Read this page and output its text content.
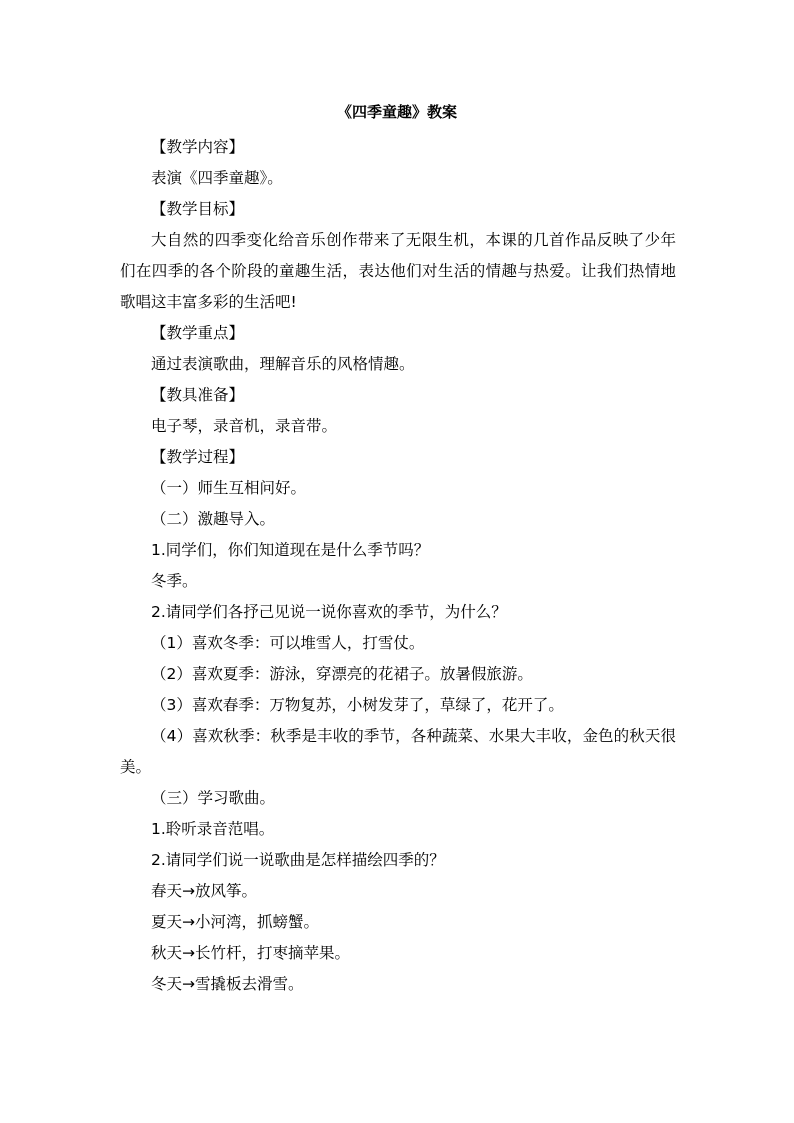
《四季童趣》教案

【教学内容】

表演《四季童趣》。

【教学目标】

大自然的四季变化给音乐创作带来了无限生机，本课的几首作品反映了少年们在四季的各个阶段的童趣生活，表达他们对生活的情趣与热爱。让我们热情地歌唱这丰富多彩的生活吧!

【教学重点】

通过表演歌曲，理解音乐的风格情趣。

【教具准备】

电子琴，录音机，录音带。

【教学过程】

（一）师生互相问好。

（二）激趣导入。

1.同学们，你们知道现在是什么季节吗？

冬季。

2.请同学们各抒己见说一说你喜欢的季节，为什么？

（1）喜欢冬季：可以堆雪人，打雪仗。

（2）喜欢夏季：游泳，穿漂亮的花裙子。放暑假旅游。

（3）喜欢春季：万物复苏，小树发芽了，草绿了，花开了。

（4）喜欢秋季：秋季是丰收的季节，各种蔬菜、水果大丰收，金色的秋天很美。

（三）学习歌曲。

1.聆听录音范唱。

2.请同学们说一说歌曲是怎样描绘四季的？

春天→放风筝。

夏天→小河湾，抓螃蟹。

秋天→长竹杆，打枣摘苹果。

冬天→雪撬板去滑雪。
